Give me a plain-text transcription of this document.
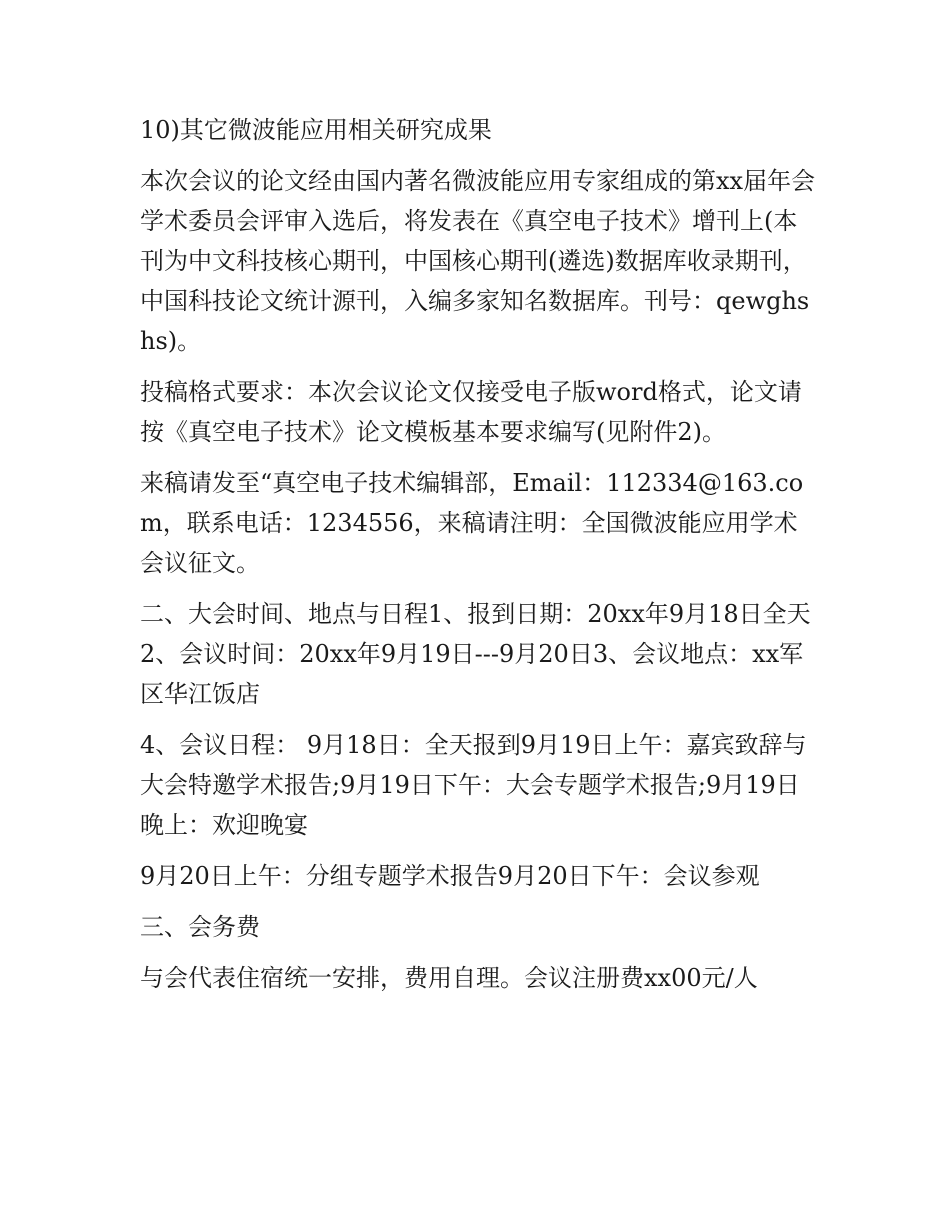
10)其它微波能应用相关研究成果

本次会议的论文经由国内著名微波能应用专家组成的第xx届年会学术委员会评审入选后，将发表在《真空电子技术》增刊上(本刊为中文科技核心期刊，中国核心期刊(遴选)数据库收录期刊，中国科技论文统计源刊，入编多家知名数据库。刊号：qewghshs)。

投稿格式要求：本次会议论文仅接受电子版word格式，论文请按《真空电子技术》论文模板基本要求编写(见附件2)。

来稿请发至“真空电子技术编辑部，Email：112334@163.com，联系电话：1234556，来稿请注明：全国微波能应用学术会议征文。

二、大会时间、地点与日程1、报到日期：20xx年9月18日全天2、会议时间：20xx年9月19日---9月20日3、会议地点：xx军区华江饭店

4、会议日程： 9月18日：全天报到9月19日上午：嘉宾致辞与大会特邀学术报告;9月19日下午：大会专题学术报告;9月19日晚上：欢迎晚宴

9月20日上午：分组专题学术报告9月20日下午：会议参观

三、会务费

与会代表住宿统一安排，费用自理。会议注册费xx00元/人
